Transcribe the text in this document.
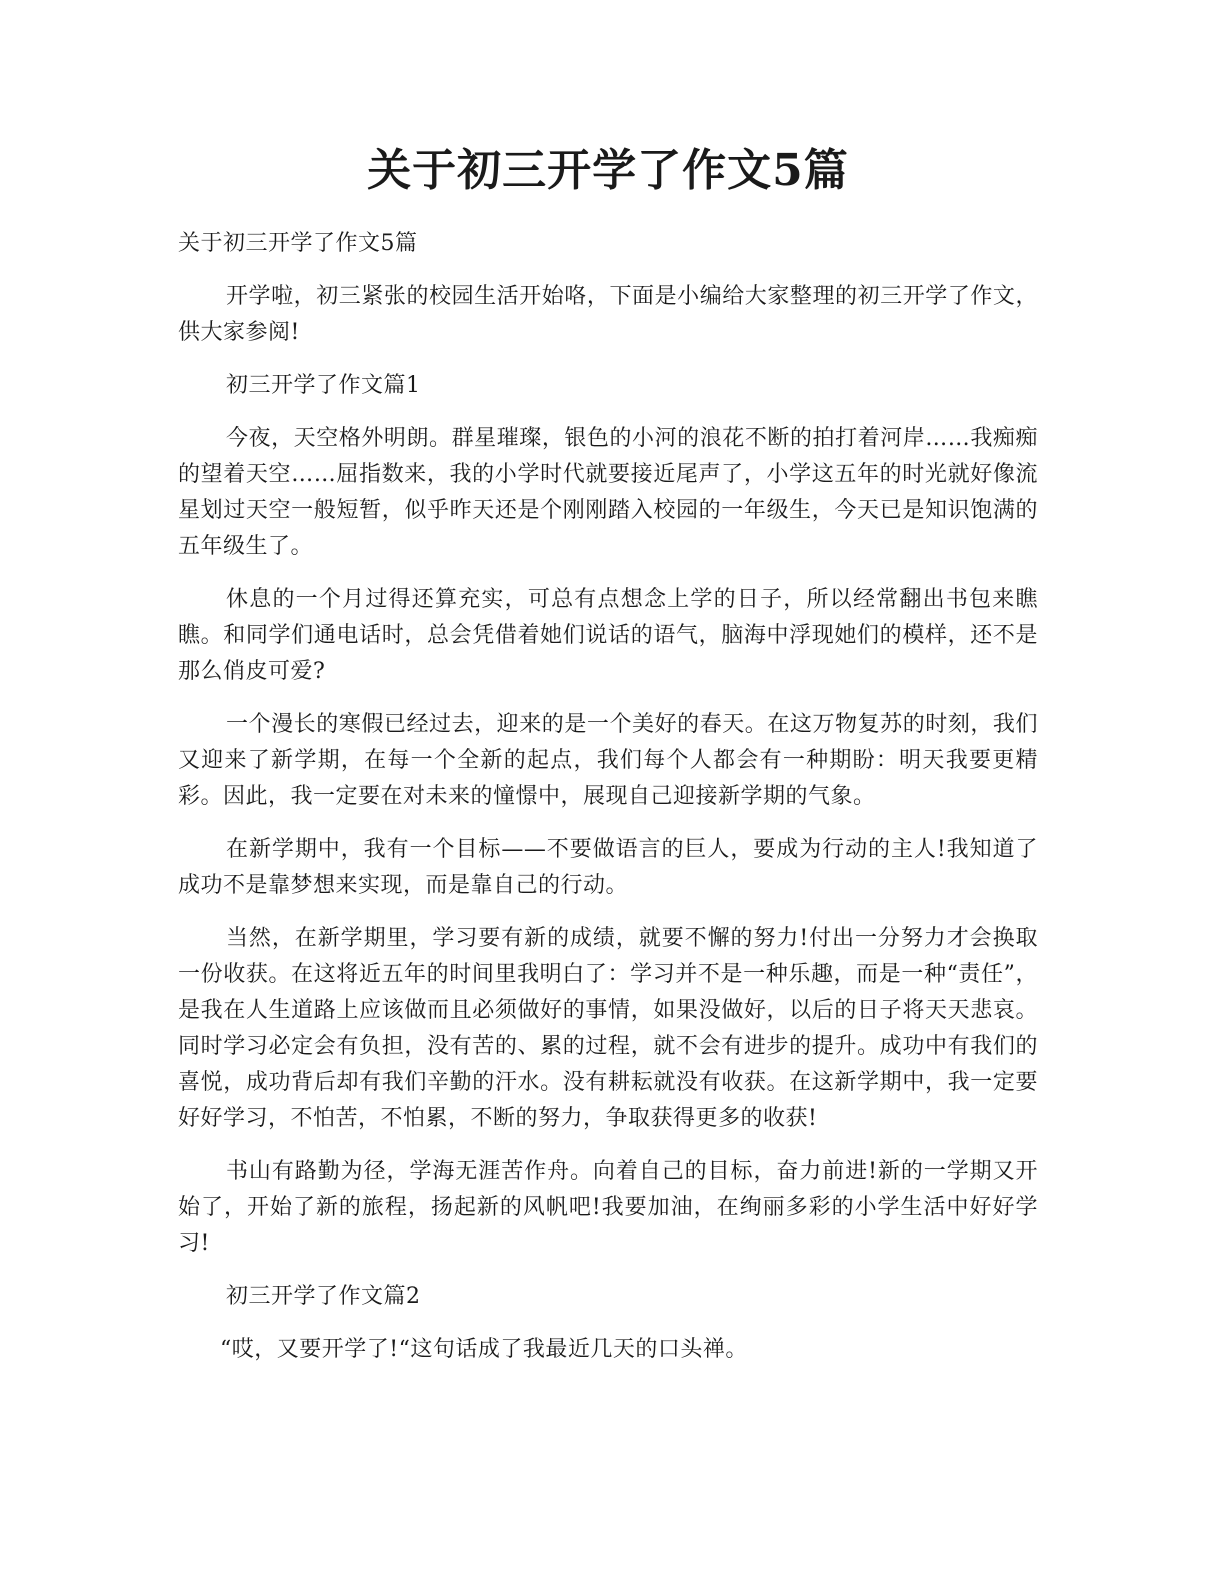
关于初三开学了作文5篇

关于初三开学了作文5篇

开学啦，初三紧张的校园生活开始咯，下面是小编给大家整理的初三开学了作文，供大家参阅!

初三开学了作文篇1

今夜，天空格外明朗。群星璀璨，银色的小河的浪花不断的拍打着河岸……我痴痴的望着天空……屈指数来，我的小学时代就要接近尾声了，小学这五年的时光就好像流星划过天空一般短暂，似乎昨天还是个刚刚踏入校园的一年级生，今天已是知识饱满的五年级生了。

休息的一个月过得还算充实，可总有点想念上学的日子，所以经常翻出书包来瞧瞧。和同学们通电话时，总会凭借着她们说话的语气，脑海中浮现她们的模样，还不是那么俏皮可爱?

一个漫长的寒假已经过去，迎来的是一个美好的春天。在这万物复苏的时刻，我们又迎来了新学期，在每一个全新的起点，我们每个人都会有一种期盼：明天我要更精彩。因此，我一定要在对未来的憧憬中，展现自己迎接新学期的气象。

在新学期中，我有一个目标——不要做语言的巨人，要成为行动的主人!我知道了成功不是靠梦想来实现，而是靠自己的行动。

当然，在新学期里，学习要有新的成绩，就要不懈的努力!付出一分努力才会换取一份收获。在这将近五年的时间里我明白了：学习并不是一种乐趣，而是一种“责任”，是我在人生道路上应该做而且必须做好的事情，如果没做好，以后的日子将天天悲哀。同时学习必定会有负担，没有苦的、累的过程，就不会有进步的提升。成功中有我们的喜悦，成功背后却有我们辛勤的汗水。没有耕耘就没有收获。在这新学期中，我一定要好好学习，不怕苦，不怕累，不断的努力，争取获得更多的收获!

书山有路勤为径，学海无涯苦作舟。向着自己的目标，奋力前进!新的一学期又开始了，开始了新的旅程，扬起新的风帆吧!我要加油，在绚丽多彩的小学生活中好好学习!

初三开学了作文篇2

“哎，又要开学了!“这句话成了我最近几天的口头禅。
